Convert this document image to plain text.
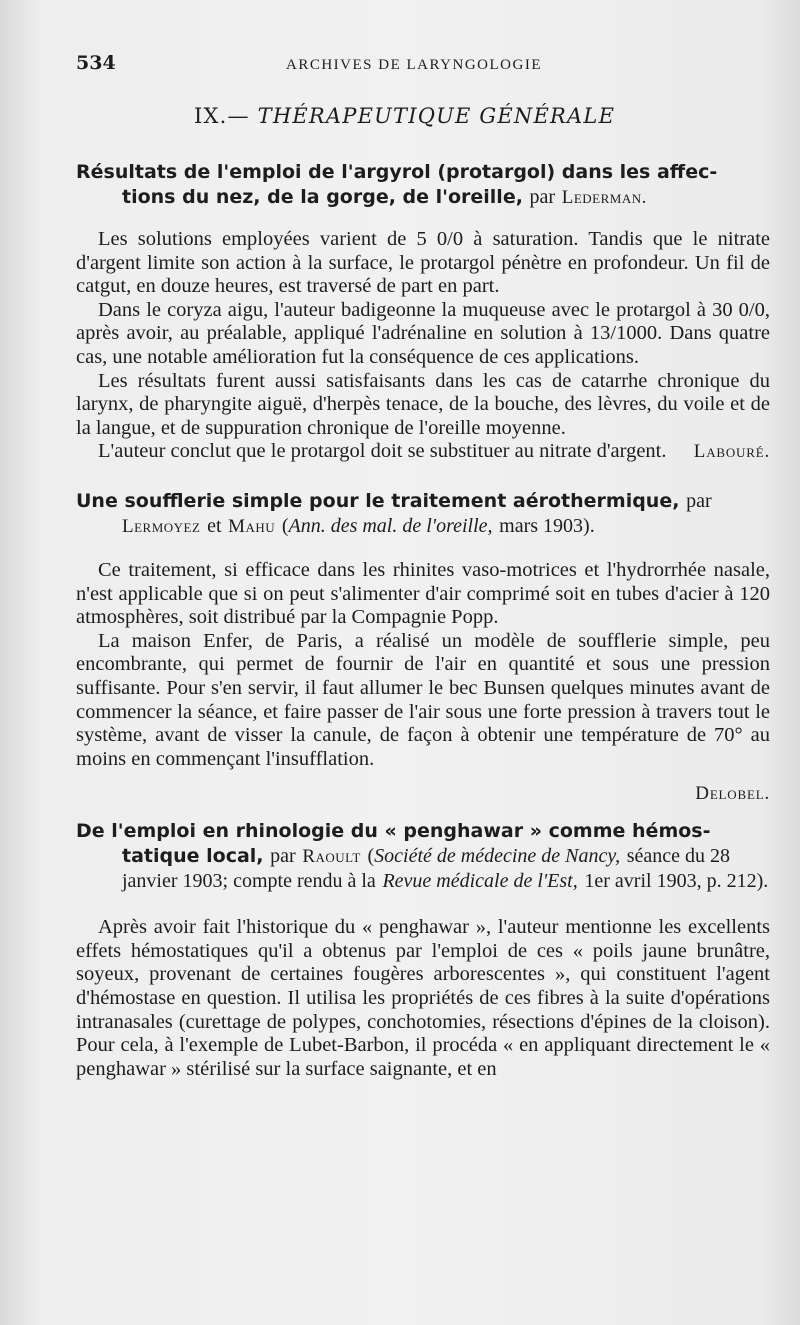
534	ARCHIVES DE LARYNGOLOGIE
IX.— THÉRAPEUTIQUE GÉNÉRALE

Résultats de l'emploi de l'argyrol (protargol) dans les affec-
tions du nez, de la gorge, de l'oreille, par Lederman.

Les solutions employées varient de 5 0/0 à saturation. Tandis que le nitrate d'argent limite son action à la surface, le protargol pénètre en profondeur. Un fil de catgut, en douze heures, est traversé de part en part.

Dans le coryza aigu, l'auteur badigeonne la muqueuse avec le protargol à 30 0/0, après avoir, au préalable, appliqué l'adrénaline en solution à 13/1000. Dans quatre cas, une notable amélioration fut la conséquence de ces applications.

Les résultats furent aussi satisfaisants dans les cas de catarrhe chronique du larynx, de pharyngite aiguë, d'herpès tenace, de la bouche, des lèvres, du voile et de la langue, et de suppuration chronique de l'oreille moyenne.

L'auteur conclut que le protargol doit se substituer au nitrate d'argent.	Labouré.

Une soufflerie simple pour le traitement aérothermique, par
Lermoyez et Mahu (Ann. des mal. de l'oreille, mars 1903).

Ce traitement, si efficace dans les rhinites vaso-motrices et l'hydrorrhée nasale, n'est applicable que si on peut s'alimenter d'air comprimé soit en tubes d'acier à 120 atmosphères, soit distribué par la Compagnie Popp.

La maison Enfer, de Paris, a réalisé un modèle de soufflerie simple, peu encombrante, qui permet de fournir de l'air en quantité et sous une pression suffisante. Pour s'en servir, il faut allumer le bec Bunsen quelques minutes avant de commencer la séance, et faire passer de l'air sous une forte pression à travers tout le système, avant de visser la canule, de façon à obtenir une température de 70° au moins en commençant l'insufflation.

Delobel.

De l'emploi en rhinologie du « penghawar » comme hémos-
tatique local, par Raoult (Société de médecine de Nancy, séance du 28 janvier 1903; compte rendu à la Revue médicale de l'Est, 1er avril 1903, p. 212).

Après avoir fait l'historique du « penghawar », l'auteur mentionne les excellents effets hémostatiques qu'il a obtenus par l'emploi de ces « poils jaune brunâtre, soyeux, provenant de certaines fougères arborescentes », qui constituent l'agent d'hémostase en question. Il utilisa les propriétés de ces fibres à la suite d'opérations intranasales (curettage de polypes, conchotomies, résections d'épines de la cloison). Pour cela, à l'exemple de Lubet-Barbon, il procéda « en appliquant directement le « penghawar » stérilisé sur la surface saignante, et en
